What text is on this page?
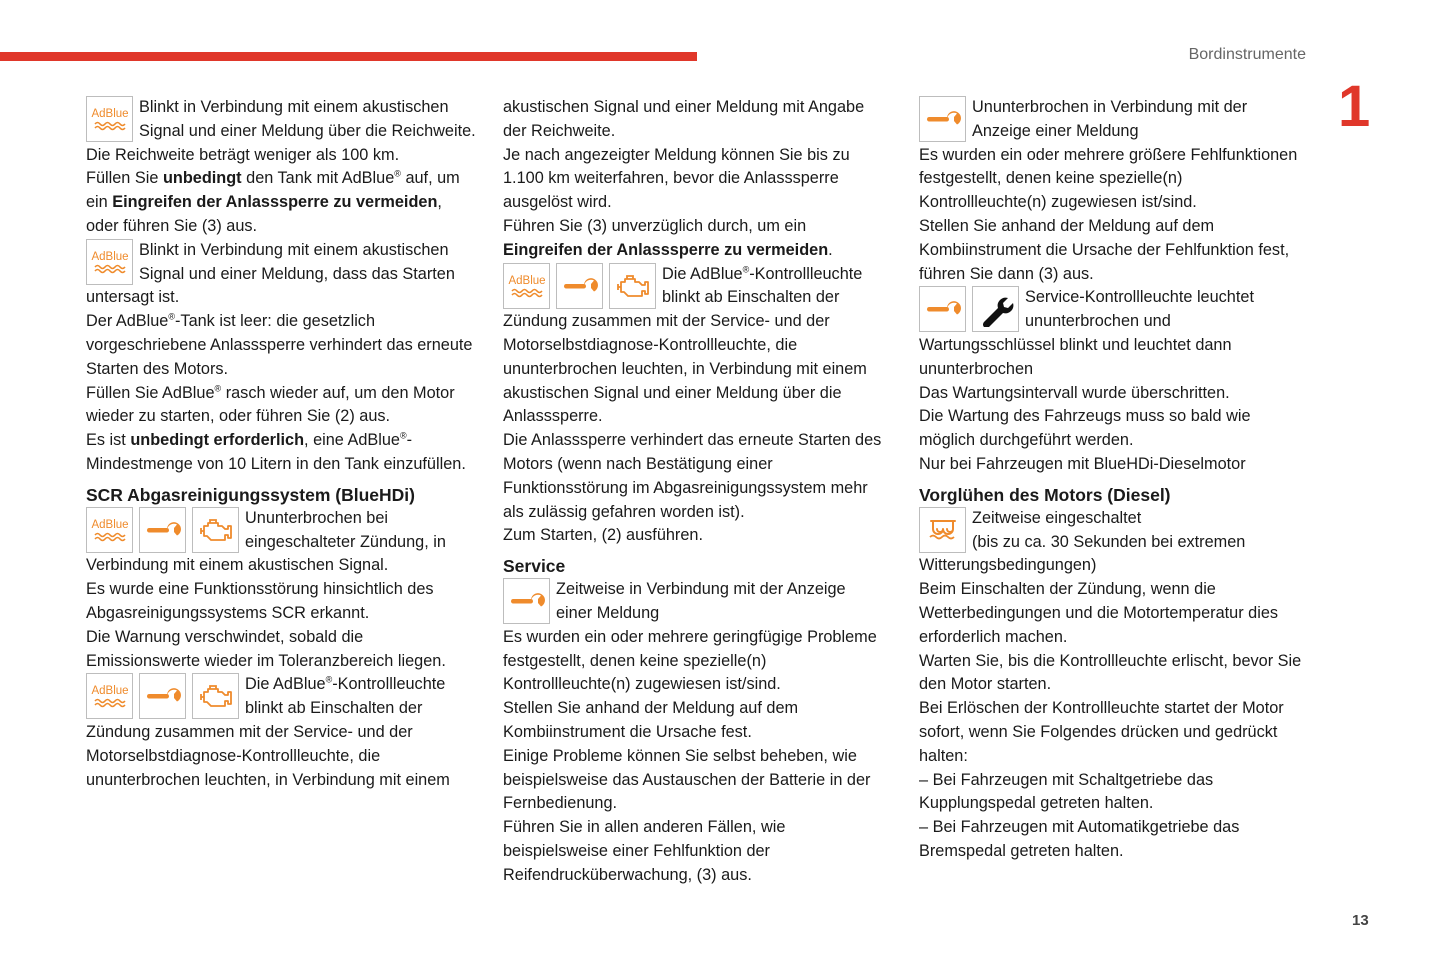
Bordinstrumente
1
13
AdBlue Blinkt in Verbindung mit einem akustischen Signal und einer Meldung über die Reichweite.

Die Reichweite beträgt weniger als 100 km.

Füllen Sie unbedingt den Tank mit AdBlue® auf, um ein Eingreifen der Anlasssperre zu vermeiden, oder führen Sie (3) aus.

AdBlue Blinkt in Verbindung mit einem akustischen Signal und einer Meldung, dass das Starten untersagt ist.

Der AdBlue®-Tank ist leer: die gesetzlich vorgeschriebene Anlasssperre verhindert das erneute Starten des Motors.

Füllen Sie AdBlue® rasch wieder auf, um den Motor wieder zu starten, oder führen Sie (2) aus.

Es ist unbedingt erforderlich, eine AdBlue®-Mindestmenge von 10 Litern in den Tank einzufüllen.

SCR Abgasreinigungssystem (BlueHDi)
AdBlue	Ununterbrochen bei eingeschalteter Zündung, in Verbindung mit einem akustischen Signal.

Es wurde eine Funktionsstörung hinsichtlich des Abgasreinigungssystems SCR erkannt.

Die Warnung verschwindet, sobald die Emissionswerte wieder im Toleranzbereich liegen.

AdBlue	Die AdBlue®-Kontrollleuchte blinkt ab Einschalten der Zündung zusammen mit der Service- und der Motorselbstdiagnose-Kontrollleuchte, die ununterbrochen leuchten, in Verbindung mit einem

akustischen Signal und einer Meldung mit Angabe der Reichweite.

Je nach angezeigter Meldung können Sie bis zu 1.100 km weiterfahren, bevor die Anlasssperre ausgelöst wird.

Führen Sie (3) unverzüglich durch, um ein Eingreifen der Anlasssperre zu vermeiden.

AdBlue	Die AdBlue®-Kontrollleuchte blinkt ab Einschalten der Zündung zusammen mit der Service- und der Motorselbstdiagnose-Kontrollleuchte, die ununterbrochen leuchten, in Verbindung mit einem akustischen Signal und einer Meldung über die Anlasssperre.

Die Anlasssperre verhindert das erneute Starten des Motors (wenn nach Bestätigung einer Funktionsstörung im Abgasreinigungssystem mehr als zulässig gefahren worden ist).

Zum Starten, (2) ausführen.

Service

Zeitweise in Verbindung mit der Anzeige einer Meldung

Es wurden ein oder mehrere geringfügige Probleme festgestellt, denen keine spezielle(n) Kontrollleuchte(n) zugewiesen ist/sind.

Stellen Sie anhand der Meldung auf dem Kombiinstrument die Ursache fest.

Einige Probleme können Sie selbst beheben, wie beispielsweise das Austauschen der Batterie in der Fernbedienung.

Führen Sie in allen anderen Fällen, wie beispielsweise einer Fehlfunktion der Reifendrucküberwachung, (3) aus.

Ununterbrochen in Verbindung mit der Anzeige einer Meldung

Es wurden ein oder mehrere größere Fehlfunktionen festgestellt, denen keine spezielle(n) Kontrollleuchte(n) zugewiesen ist/sind.

Stellen Sie anhand der Meldung auf dem Kombiinstrument die Ursache der Fehlfunktion fest, führen Sie dann (3) aus.

Service-Kontrollleuchte leuchtet ununterbrochen und Wartungsschlüssel blinkt und leuchtet dann ununterbrochen

Das Wartungsintervall wurde überschritten.

Die Wartung des Fahrzeugs muss so bald wie möglich durchgeführt werden.

Nur bei Fahrzeugen mit BlueHDi-Dieselmotor

Vorglühen des Motors (Diesel)

Zeitweise eingeschaltet
(bis zu ca. 30 Sekunden bei extremen Witterungsbedingungen)

Beim Einschalten der Zündung, wenn die Wetterbedingungen und die Motortemperatur dies erforderlich machen.

Warten Sie, bis die Kontrollleuchte erlischt, bevor Sie den Motor starten.

Bei Erlöschen der Kontrollleuchte startet der Motor sofort, wenn Sie Folgendes drücken und gedrückt halten:

– Bei Fahrzeugen mit Schaltgetriebe das Kupplungspedal getreten halten.

– Bei Fahrzeugen mit Automatikgetriebe das Bremspedal getreten halten.
